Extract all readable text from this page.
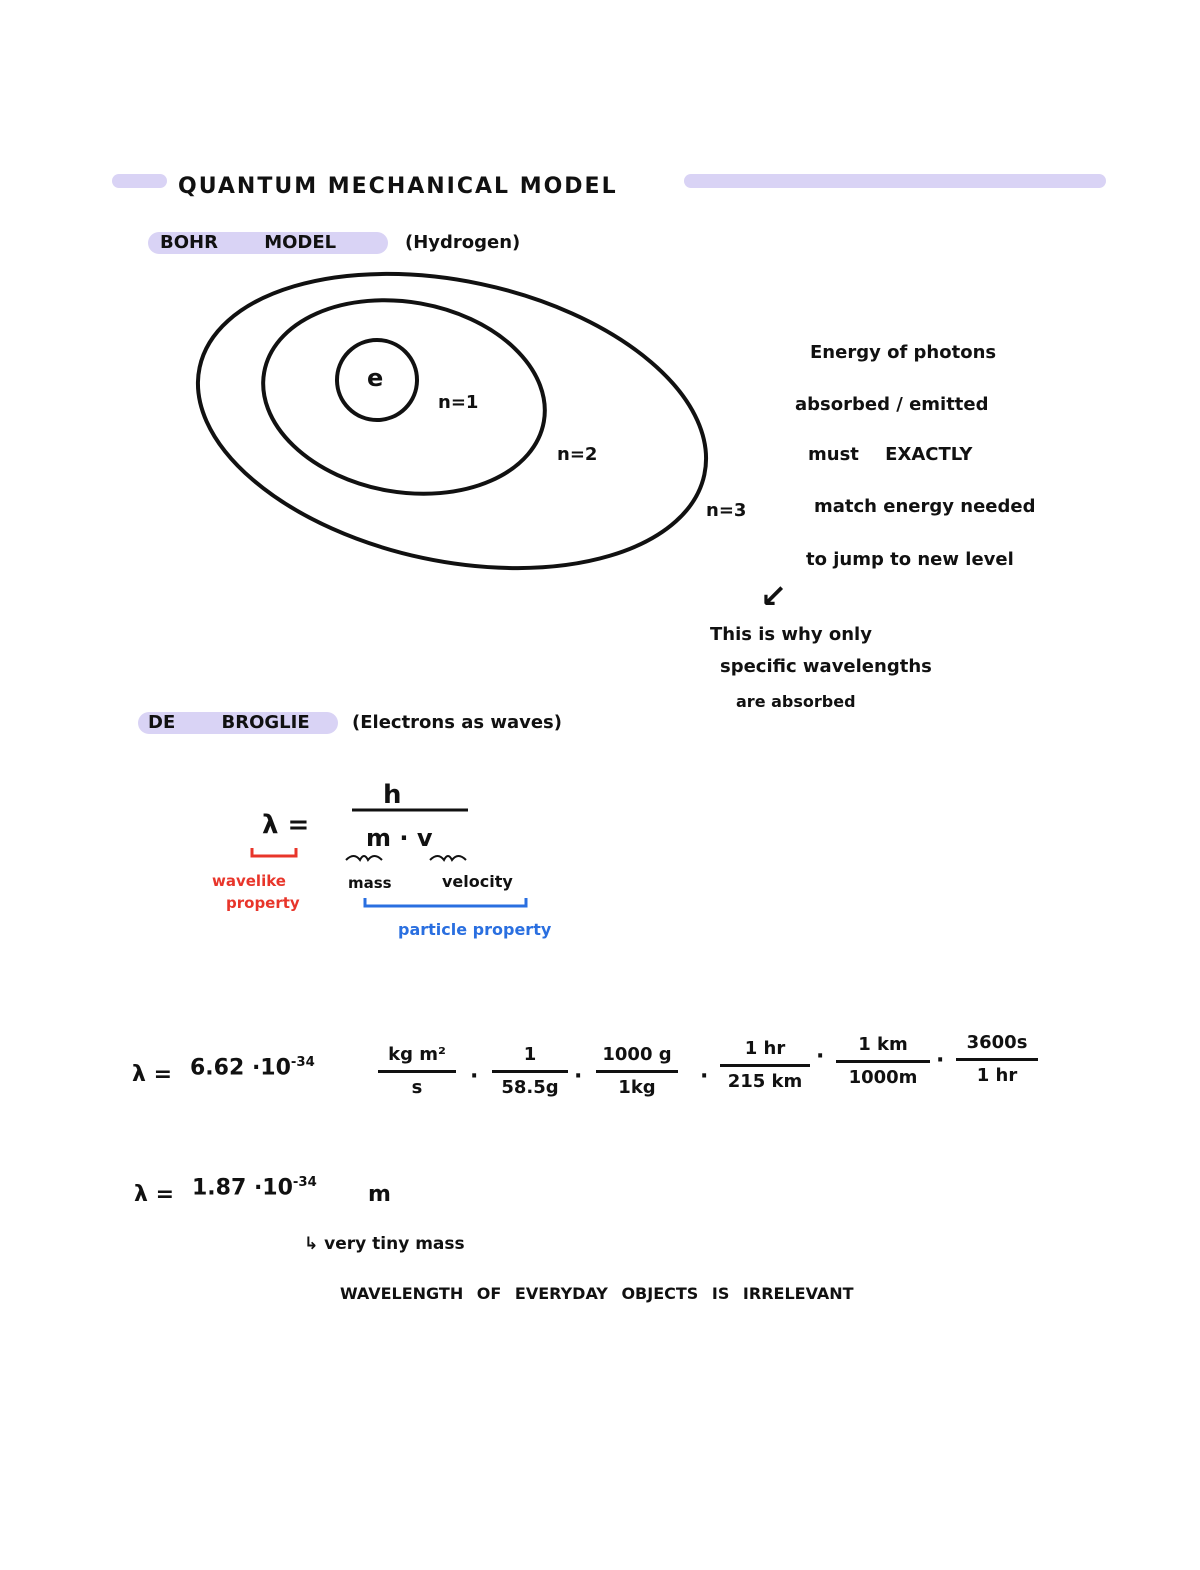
QUANTUM MECHANICAL MODEL
BOHR MODEL	(Hydrogen)
e
n=1
n=2
n=3
Energy of photons
absorbed / emitted
must EXACTLY
match energy needed
to jump to new level
↙
This is why only
specific wavelengths
are absorbed
DE BROGLIE (Electrons as waves)
λ =
h
m · v
wavelike
property
mass	velocity
particle property
$\lambda = 6.62 \cdot 10^{-34}$	kg m²
s	·
1
58.5g ·
1000 g
1kg	·
1 hr
215 km
·	1 km
1000m
·
3600s
1 hr
$\lambda = 1.87 \cdot 10^{-34}$ m
↳ very tiny mass
WAVELENGTH OF EVERYDAY OBJECTS IS IRRELEVANT
